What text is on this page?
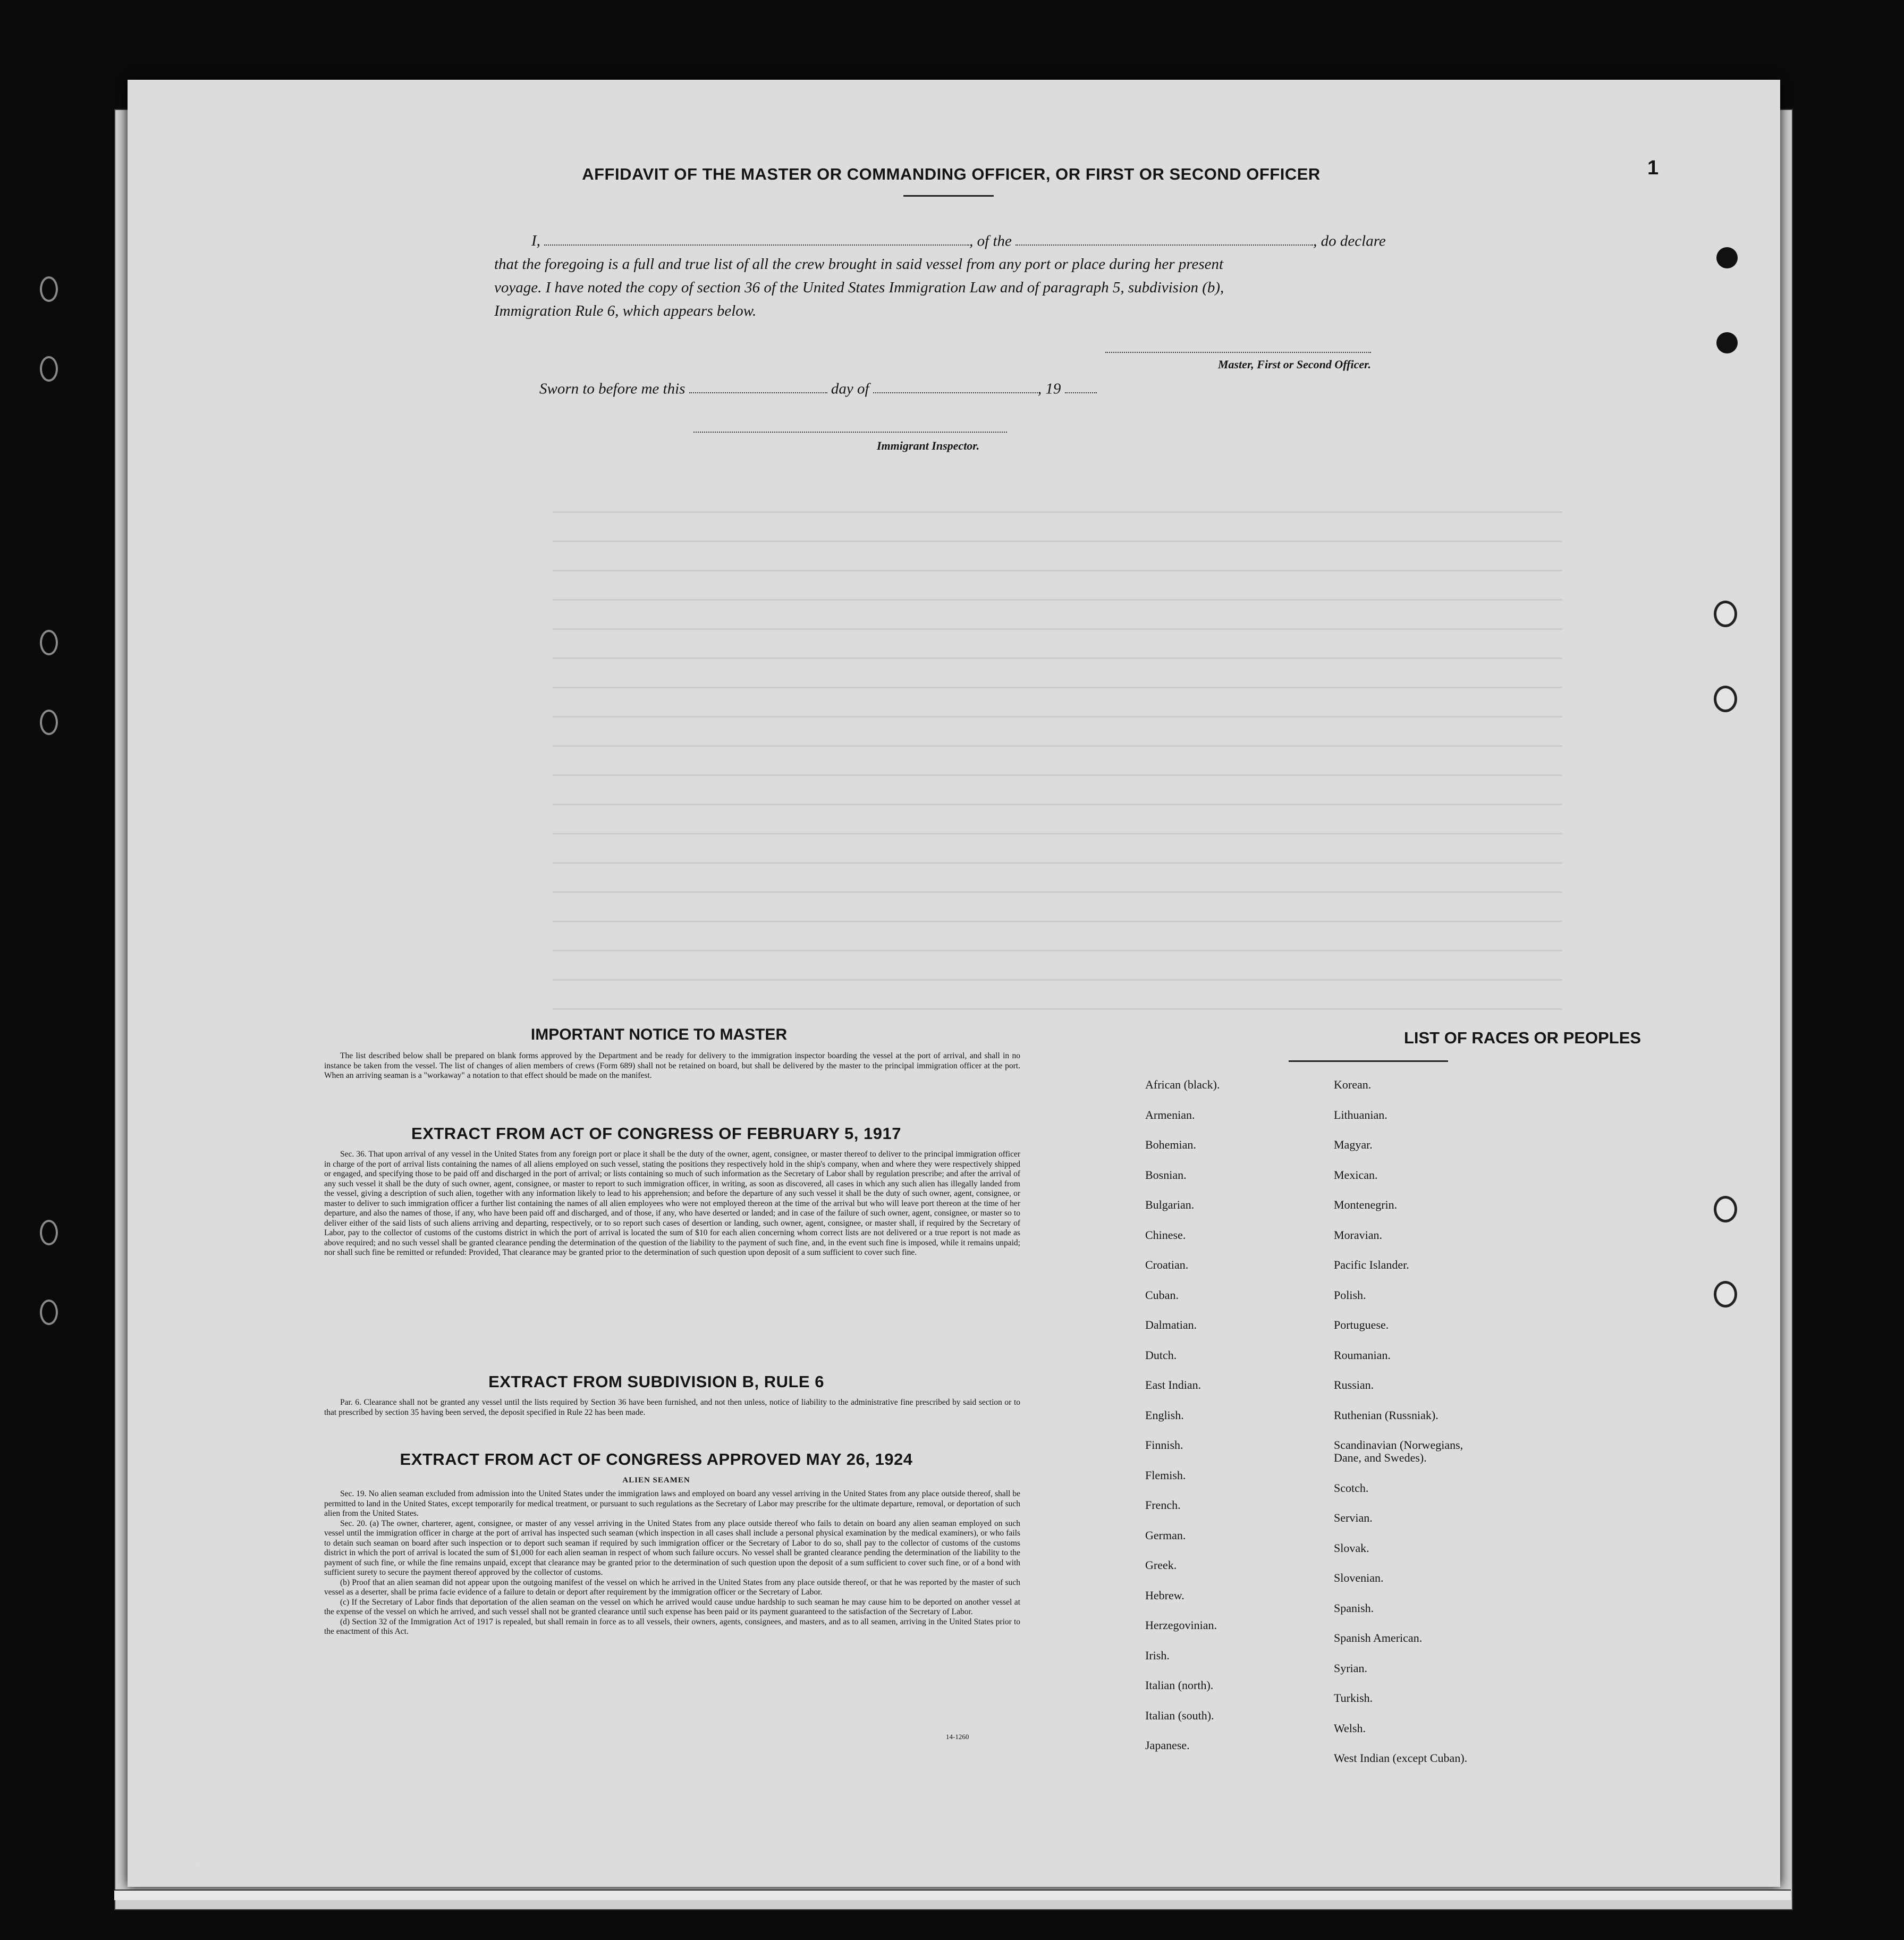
1
AFFIDAVIT OF THE MASTER OR COMMANDING OFFICER, OR FIRST OR SECOND OFFICER
I,	, of the	, do declare
that the foregoing is a full and true list of all the crew brought in said vessel from any port or place during her present
voyage. I have noted the copy of section 36 of the United States Immigration Law and of paragraph 5, subdivision (b),
Immigration Rule 6, which appears below.
Master, First or Second Officer.
Sworn to before me this	day of	, 19
Immigrant Inspector.
IMPORTANT NOTICE TO MASTER

The list described below shall be prepared on blank forms approved by the Department and be ready for delivery to the immigration inspector boarding the vessel at the port of arrival, and shall in no instance be taken from the vessel. The list of changes of alien members of crews (Form 689) shall not be retained on board, but shall be delivered by the master to the principal immigration officer at the port. When an arriving seaman is a "workaway" a notation to that effect should be made on the manifest.

EXTRACT FROM ACT OF CONGRESS OF FEBRUARY 5, 1917

Sec. 36. That upon arrival of any vessel in the United States from any foreign port or place it shall be the duty of the owner, agent, consignee, or master thereof to deliver to the principal immigration officer in charge of the port of arrival lists containing the names of all aliens employed on such vessel, stating the positions they respectively hold in the ship's company, when and where they were respectively shipped or engaged, and specifying those to be paid off and discharged in the port of arrival; or lists containing so much of such information as the Secretary of Labor shall by regulation prescribe; and after the arrival of any such vessel it shall be the duty of such owner, agent, consignee, or master to report to such immigration officer, in writing, as soon as discovered, all cases in which any such alien has illegally landed from the vessel, giving a description of such alien, together with any information likely to lead to his apprehension; and before the departure of any such vessel it shall be the duty of such owner, agent, consignee, or master to deliver to such immigration officer a further list containing the names of all alien employees who were not employed thereon at the time of the arrival but who will leave port thereon at the time of her departure, and also the names of those, if any, who have been paid off and discharged, and of those, if any, who have deserted or landed; and in case of the failure of such owner, agent, consignee, or master so to deliver either of the said lists of such aliens arriving and departing, respectively, or to so report such cases of desertion or landing, such owner, agent, consignee, or master shall, if required by the Secretary of Labor, pay to the collector of customs of the customs district in which the port of arrival is located the sum of $10 for each alien concerning whom correct lists are not delivered or a true report is not made as above required; and no such vessel shall be granted clearance pending the determination of the question of the liability to the payment of such fine, and, in the event such fine is imposed, while it remains unpaid; nor shall such fine be remitted or refunded: Provided, That clearance may be granted prior to the determination of such question upon deposit of a sum sufficient to cover such fine.

EXTRACT FROM SUBDIVISION B, RULE 6

Par. 6. Clearance shall not be granted any vessel until the lists required by Section 36 have been furnished, and not then unless, notice of liability to the administrative fine prescribed by said section or to that prescribed by section 35 having been served, the deposit specified in Rule 22 has been made.

EXTRACT FROM ACT OF CONGRESS APPROVED MAY 26, 1924
ALIEN SEAMEN

Sec. 19. No alien seaman excluded from admission into the United States under the immigration laws and employed on board any vessel arriving in the United States from any place outside thereof, shall be permitted to land in the United States, except temporarily for medical treatment, or pursuant to such regulations as the Secretary of Labor may prescribe for the ultimate departure, removal, or deportation of such alien from the United States.

Sec. 20. (a) The owner, charterer, agent, consignee, or master of any vessel arriving in the United States from any place outside thereof who fails to detain on board any alien seaman employed on such vessel until the immigration officer in charge at the port of arrival has inspected such seaman (which inspection in all cases shall include a personal physical examination by the medical examiners), or who fails to detain such seaman on board after such inspection or to deport such seaman if required by such immigration officer or the Secretary of Labor to do so, shall pay to the collector of customs of the customs district in which the port of arrival is located the sum of $1,000 for each alien seaman in respect of whom such failure occurs. No vessel shall be granted clearance pending the determination of the liability to the payment of such fine, or while the fine remains unpaid, except that clearance may be granted prior to the determination of such question upon the deposit of a sum sufficient to cover such fine, or of a bond with sufficient surety to secure the payment thereof approved by the collector of customs.

(b) Proof that an alien seaman did not appear upon the outgoing manifest of the vessel on which he arrived in the United States from any place outside thereof, or that he was reported by the master of such vessel as a deserter, shall be prima facie evidence of a failure to detain or deport after requirement by the immigration officer or the Secretary of Labor.

(c) If the Secretary of Labor finds that deportation of the alien seaman on the vessel on which he arrived would cause undue hardship to such seaman he may cause him to be deported on another vessel at the expense of the vessel on which he arrived, and such vessel shall not be granted clearance until such expense has been paid or its payment guaranteed to the satisfaction of the Secretary of Labor.

(d) Section 32 of the Immigration Act of 1917 is repealed, but shall remain in force as to all vessels, their owners, agents, consignees, and masters, and as to all seamen, arriving in the United States prior to the enactment of this Act.

14-1260
LIST OF RACES OR PEOPLES
African (black).
Armenian.
Bohemian.
Bosnian.
Bulgarian.
Chinese.
Croatian.
Cuban.
Dalmatian.
Dutch.
East Indian.
English.
Finnish.
Flemish.
French.
German.
Greek.
Hebrew.
Herzegovinian.
Irish.
Italian (north).
Italian (south).
Japanese.
Korean.
Lithuanian.
Magyar.
Mexican.
Montenegrin.
Moravian.
Pacific Islander.
Polish.
Portuguese.
Roumanian.
Russian.
Ruthenian (Russniak).
Scandinavian (Norwegians,
Dane, and Swedes).
Scotch.
Servian.
Slovak.
Slovenian.
Spanish.
Spanish American.
Syrian.
Turkish.
Welsh.
West Indian (except Cuban).
Local Agents
14-1260
